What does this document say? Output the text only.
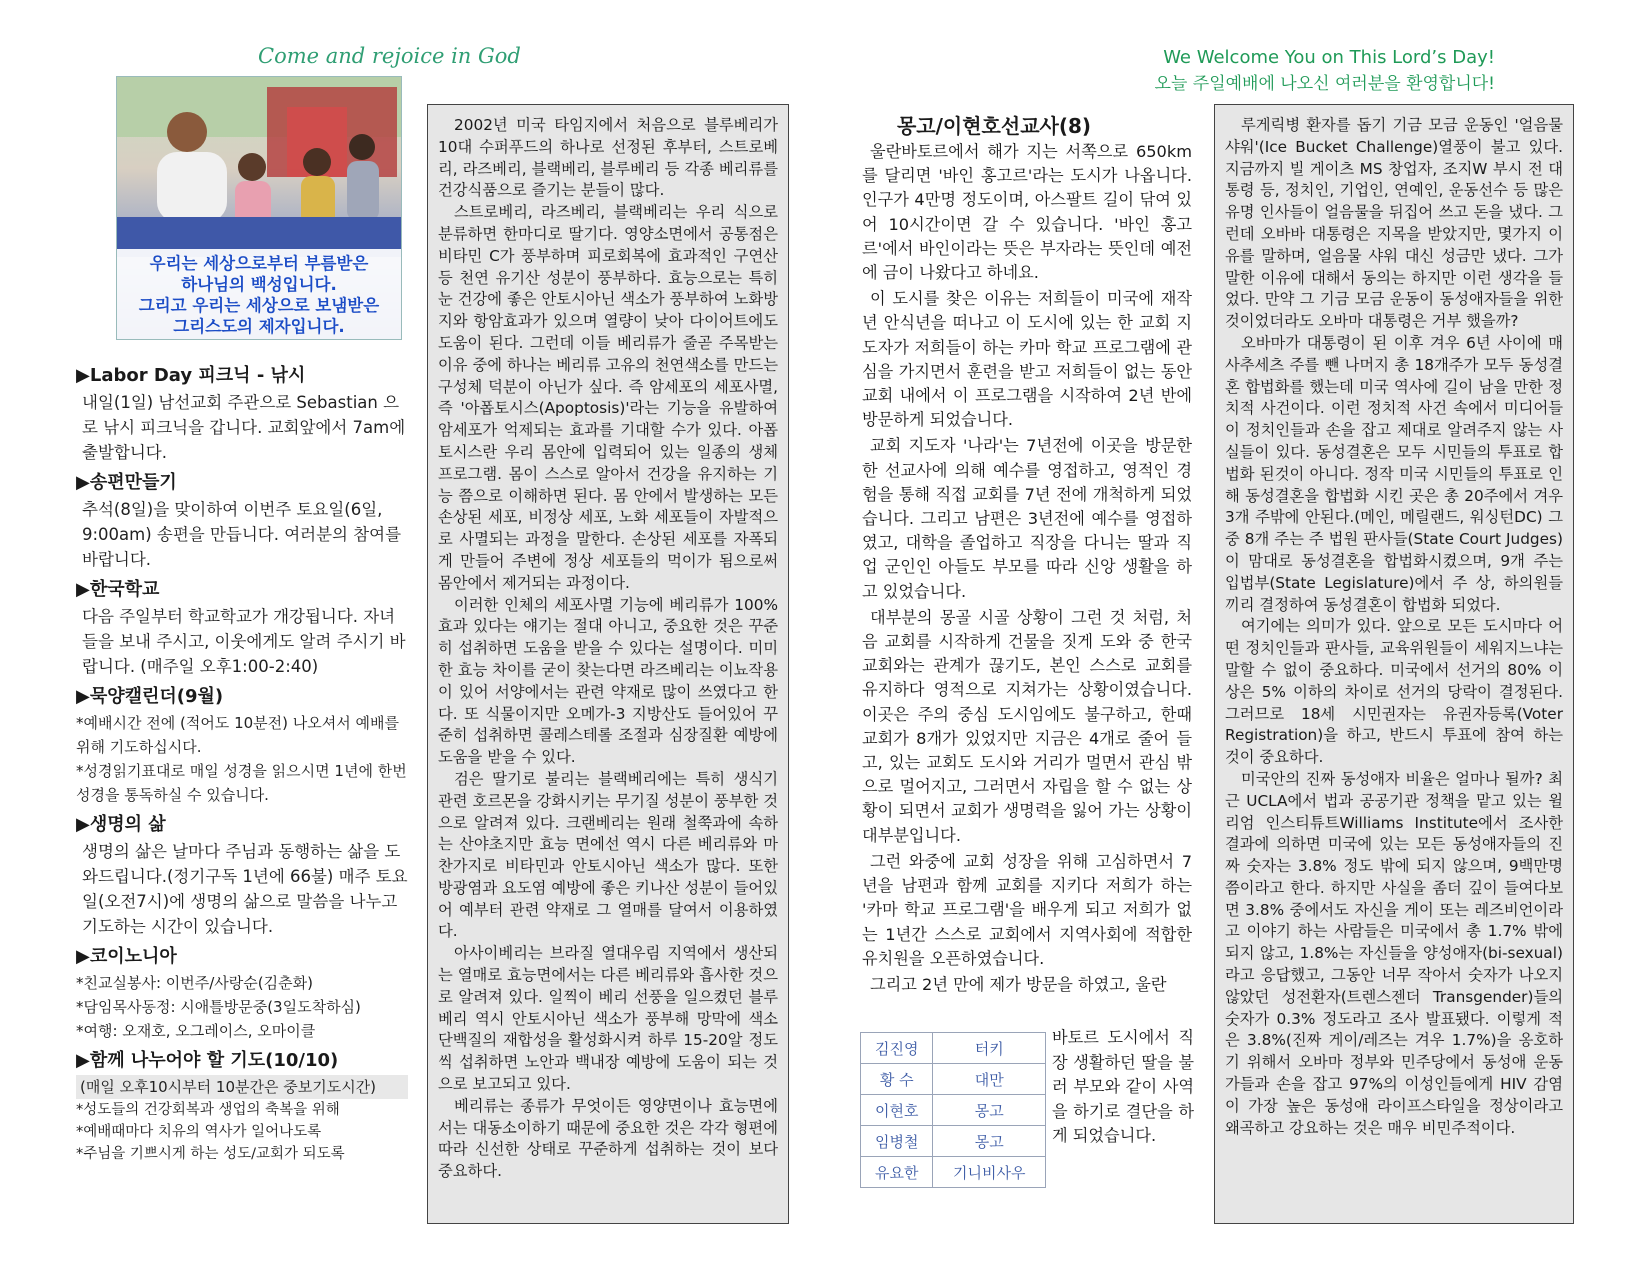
Come and rejoice in God	We Welcome You on This Lord’s Day!
오늘 주일예배에 나오신 여러분을 환영합니다!
우리는 세상으로부터 부름받은
하나님의 백성입니다.
그리고 우리는 세상으로 보냄받은
그리스도의 제자입니다.
▶Labor Day 피크닉 - 낚시
내일(1일) 남선교회 주관으로 Sebastian 으로 낚시 피크닉을 갑니다. 교회앞에서 7am에 출발합니다.
▶송편만들기
추석(8일)을 맞이하여 이번주 토요일(6일, 9:00am) 송편을 만듭니다. 여러분의 참여를 바랍니다.
▶한국학교
다음 주일부터 학교학교가 개강됩니다. 자녀들을 보내 주시고, 이웃에게도 알려 주시기 바랍니다. (매주일 오후1:00-2:40)
▶묵양캘린더(9월)
*예배시간 전에 (적어도 10분전) 나오셔서 예배를 위해 기도하십시다.
*성경읽기표대로 매일 성경을 읽으시면 1년에 한번 성경을 통독하실 수 있습니다.
▶생명의 삶
생명의 삶은 날마다 주님과 동행하는 삶을 도와드립니다.(정기구독 1년에 66불) 매주 토요일(오전7시)에 생명의 삶으로 말씀을 나누고 기도하는 시간이 있습니다.
▶코이노니아
*친교실봉사: 이번주/사랑순(김춘화)
*담임목사동정: 시애틀방문중(3일도착하심)
*여행: 오재호, 오그레이스, 오마이클
▶함께 나누어야 할 기도(10/10)
(매일 오후10시부터 10분간은 중보기도시간)
*성도들의 건강회복과 생업의 축복을 위해
*예배때마다 치유의 역사가 일어나도록
*주님을 기쁘시게 하는 성도/교회가 되도록

2002년 미국 타임지에서 처음으로 블루베리가 10대 수퍼푸드의 하나로 선정된 후부터, 스트로베리, 라즈베리, 블랙베리, 블루베리 등 각종 베리류를 건강식품으로 즐기는 분들이 많다.

스트로베리, 라즈베리, 블랙베리는 우리 식으로 분류하면 한마디로 딸기다. 영양소면에서 공통점은 비타민 C가 풍부하며 피로회복에 효과적인 구연산 등 천연 유기산 성분이 풍부하다. 효능으로는 특히 눈 건강에 좋은 안토시아닌 색소가 풍부하여 노화방지와 항암효과가 있으며 열량이 낮아 다이어트에도 도움이 된다. 그런데 이들 베리류가 줄곧 주목받는 이유 중에 하나는 베리류 고유의 천연색소를 만드는 구성체 덕분이 아닌가 싶다. 즉 암세포의 세포사멸, 즉 '아폽토시스(Apoptosis)'라는 기능을 유발하여 암세포가 억제되는 효과를 기대할 수가 있다. 아폽토시스란 우리 몸안에 입력되어 있는 일종의 생체 프로그램. 몸이 스스로 알아서 건강을 유지하는 기능 쯤으로 이해하면 된다. 몸 안에서 발생하는 모든 손상된 세포, 비정상 세포, 노화 세포들이 자발적으로 사멸되는 과정을 말한다. 손상된 세포를 자폭되게 만들어 주변에 정상 세포들의 먹이가 됨으로써 몸안에서 제거되는 과정이다.

이러한 인체의 세포사멸 기능에 베리류가 100% 효과 있다는 얘기는 절대 아니고, 중요한 것은 꾸준히 섭취하면 도움을 받을 수 있다는 설명이다. 미미한 효능 차이를 굳이 찾는다면 라즈베리는 이뇨작용이 있어 서양에서는 관련 약재로 많이 쓰였다고 한다. 또 식물이지만 오메가-3 지방산도 들어있어 꾸준히 섭취하면 콜레스테롤 조절과 심장질환 예방에 도움을 받을 수 있다.

검은 딸기로 불리는 블랙베리에는 특히 생식기 관련 호르몬을 강화시키는 무기질 성분이 풍부한 것으로 알려져 있다. 크랜베리는 원래 철쭉과에 속하는 산야초지만 효능 면에선 역시 다른 베리류와 마찬가지로 비타민과 안토시아닌 색소가 많다. 또한 방광염과 요도염 예방에 좋은 키나산 성분이 들어있어 예부터 관련 약재로 그 열매를 달여서 이용하였다.

아사이베리는 브라질 열대우림 지역에서 생산되는 열매로 효능면에서는 다른 베리류와 흡사한 것으로 알려져 있다. 일찍이 베리 선풍을 일으켰던 블루베리 역시 안토시아닌 색소가 풍부해 망막에 색소 단백질의 재합성을 활성화시켜 하루 15-20알 정도씩 섭취하면 노안과 백내장 예방에 도움이 되는 것으로 보고되고 있다.

베리류는 종류가 무엇이든 영양면이나 효능면에서는 대동소이하기 때문에 중요한 것은 각각 형편에 따라 신선한 상태로 꾸준하게 섭취하는 것이 보다 중요하다.

몽고/이현호선교사(8)

울란바토르에서 해가 지는 서쪽으로 650km를 달리면 '바인 홍고르'라는 도시가 나옵니다. 인구가 4만명 정도이며, 아스팔트 길이 닦여 있어 10시간이면 갈 수 있습니다. '바인 홍고르'에서 바인이라는 뜻은 부자라는 뜻인데 예전에 금이 나왔다고 하네요.

이 도시를 찾은 이유는 저희들이 미국에 재작년 안식년을 떠나고 이 도시에 있는 한 교회 지도자가 저희들이 하는 카마 학교 프로그램에 관심을 가지면서 훈련을 받고 저희들이 없는 동안 교회 내에서 이 프로그램을 시작하여 2년 반에 방문하게 되었습니다.

교회 지도자 '나라'는 7년전에 이곳을 방문한 한 선교사에 의해 예수를 영접하고, 영적인 경험을 통해 직접 교회를 7년 전에 개척하게 되었습니다. 그리고 남편은 3년전에 예수를 영접하였고, 대학을 졸업하고 직장을 다니는 딸과 직업 군인인 아들도 부모를 따라 신앙 생활을 하고 있었습니다.

대부분의 몽골 시골 상황이 그런 것 처럼, 처음 교회를 시작하게 건물을 짓게 도와 중 한국 교회와는 관계가 끊기도, 본인 스스로 교회를 유지하다 영적으로 지쳐가는 상황이였습니다. 이곳은 주의 중심 도시임에도 불구하고, 한때 교회가 8개가 있었지만 지금은 4개로 줄어 들고, 있는 교회도 도시와 거리가 멀면서 관심 밖으로 멀어지고, 그러면서 자립을 할 수 없는 상황이 되면서 교회가 생명력을 잃어 가는 상황이 대부분입니다.

그런 와중에 교회 성장을 위해 고심하면서 7년을 남편과 함께 교회를 지키다 저희가 하는 '카마 학교 프로그램'을 배우게 되고 저희가 없는 1년간 스스로 교회에서 지역사회에 적합한 유치원을 오픈하였습니다.

그리고 2년 만에 제가 방문을 하였고, 울란

김진영	터키
황 수	대만
이현호	몽고
임병철	몽고
유요한	기니비사우
바토르 도시에서 직장 생활하던 딸을 불러 부모와 같이 사역을 하기로 결단을 하게 되었습니다.

루게릭병 환자를 돕기 기금 모금 운동인 '얼음물 샤워'(Ice Bucket Challenge)열풍이 불고 있다. 지금까지 빌 게이츠 MS 창업자, 조지W 부시 전 대통령 등, 정치인, 기업인, 연예인, 운동선수 등 많은 유명 인사들이 얼음물을 뒤집어 쓰고 돈을 냈다. 그런데 오바바 대통령은 지목을 받았지만, 몇가지 이유를 말하며, 얼음물 샤워 대신 성금만 냈다. 그가 말한 이유에 대해서 동의는 하지만 이런 생각을 들었다. 만약 그 기금 모금 운동이 동성애자들을 위한 것이었더라도 오바마 대통령은 거부 했을까?

오바마가 대통령이 된 이후 겨우 6년 사이에 매사추세츠 주를 뺀 나머지 총 18개주가 모두 동성결혼 합법화를 했는데 미국 역사에 길이 남을 만한 정치적 사건이다. 이런 정치적 사건 속에서 미디어들이 정치인들과 손을 잡고 제대로 알려주지 않는 사실들이 있다. 동성결혼은 모두 시민들의 투표로 합법화 된것이 아니다. 정작 미국 시민들의 투표로 인해 동성결혼을 합법화 시킨 곳은 총 20주에서 겨우 3개 주밖에 안된다.(메인, 메릴랜드, 워싱턴DC) 그중 8개 주는 주 법원 판사들(State Court Judges)이 맘대로 동성결혼을 합법화시켰으며, 9개 주는 입법부(State Legislature)에서 주 상, 하의원들끼리 결정하여 동성결혼이 합법화 되었다.

여기에는 의미가 있다. 앞으로 모든 도시마다 어떤 정치인들과 판사들, 교육위원들이 세워지느냐는 말할 수 없이 중요하다. 미국에서 선거의 80% 이상은 5% 이하의 차이로 선거의 당락이 결정된다. 그러므로 18세 시민권자는 유권자등록(Voter Registration)을 하고, 반드시 투표에 참여 하는 것이 중요하다.

미국안의 진짜 동성애자 비율은 얼마나 될까? 최근 UCLA에서 법과 공공기관 정책을 맡고 있는 윌리엄 인스티튜트Williams Institute에서 조사한 결과에 의하면 미국에 있는 모든 동성애자들의 진짜 숫자는 3.8% 정도 밖에 되지 않으며, 9백만명쯤이라고 한다. 하지만 사실을 좀더 깊이 들여다보면 3.8% 중에서도 자신을 게이 또는 레즈비언이라고 이야기 하는 사람들은 미국에서 총 1.7% 밖에 되지 않고, 1.8%는 자신들을 양성애자(bi-sexual)라고 응답했고, 그동안 너무 작아서 숫자가 나오지 않았던 성전환자(트렌스젠더 Transgender)들의 숫자가 0.3% 정도라고 조사 발표됐다. 이렇게 적은 3.8%(진짜 게이/레즈는 겨우 1.7%)을 옹호하기 위해서 오바마 정부와 민주당에서 동성애 운동가들과 손을 잡고 97%의 이성인들에게 HIV 감염이 가장 높은 동성애 라이프스타일을 정상이라고 왜곡하고 강요하는 것은 매우 비민주적이다.
